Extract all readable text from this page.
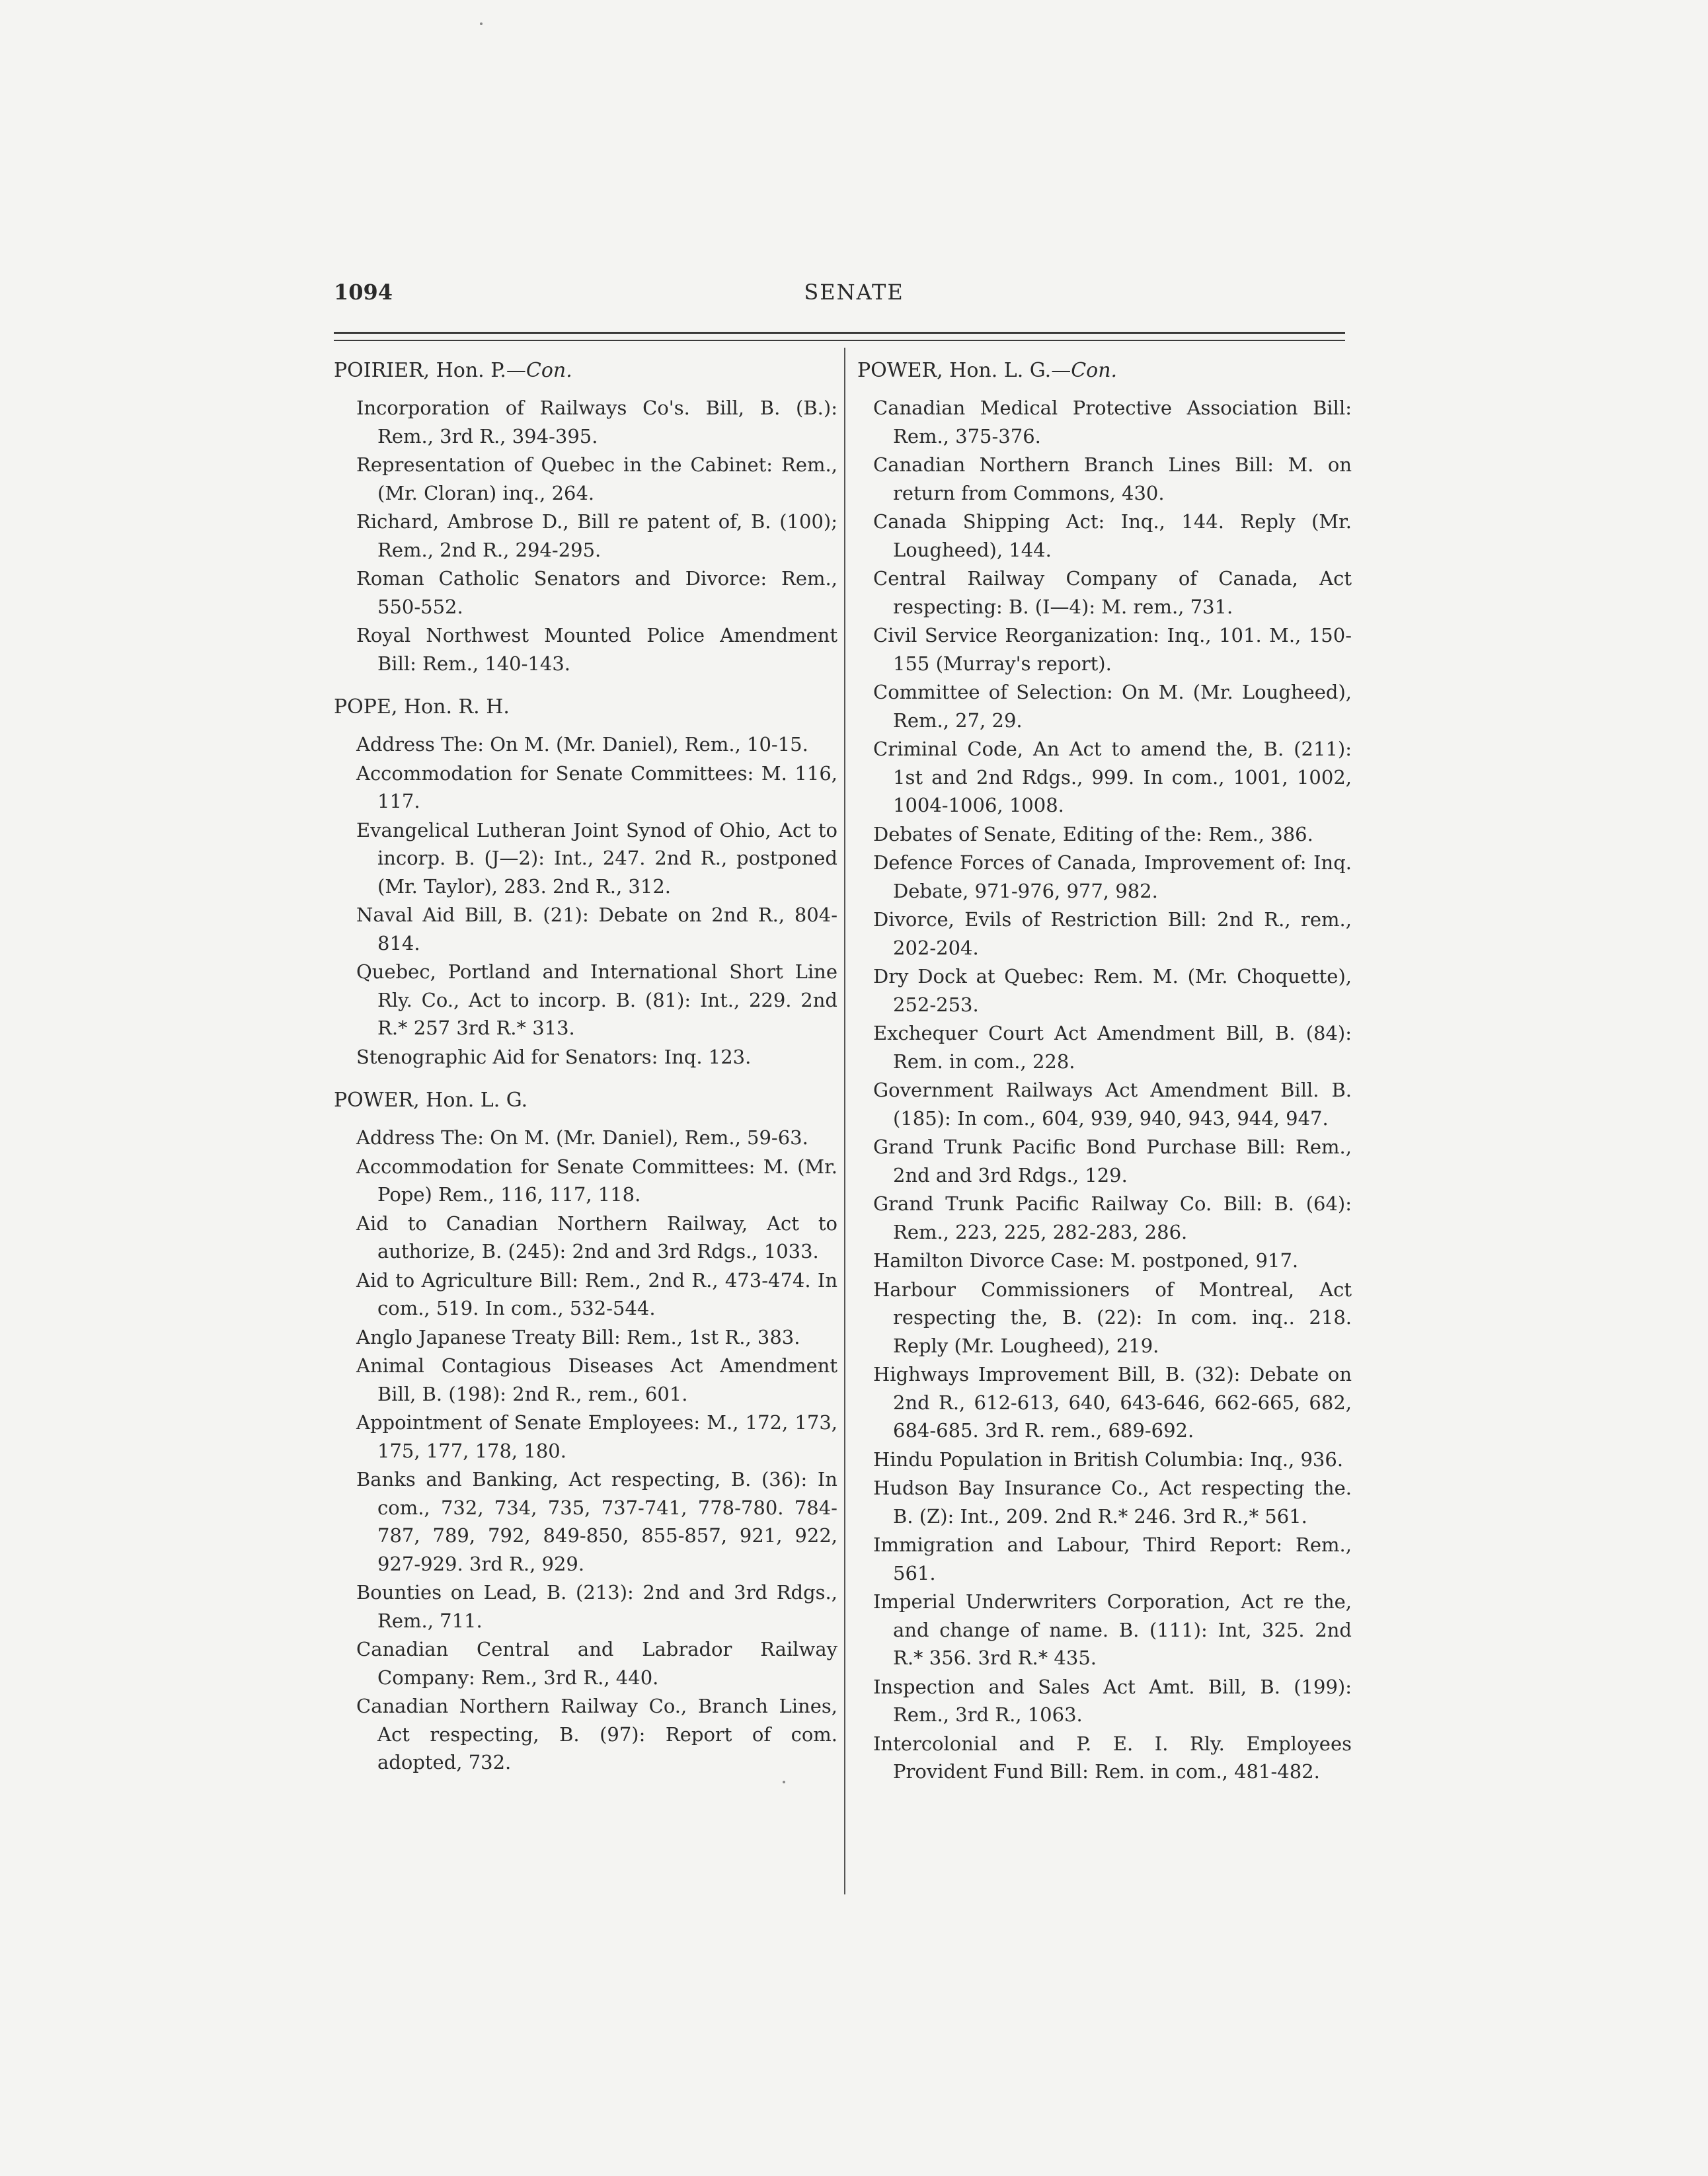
1094	SENATE
POIRIER, Hon. P.—Con.
Incorporation of Railways Co's. Bill, B. (B.): Rem., 3rd R., 394-395.
Representation of Quebec in the Cabinet: Rem., (Mr. Cloran) inq., 264.
Richard, Ambrose D., Bill re patent of, B. (100); Rem., 2nd R., 294-295.
Roman Catholic Senators and Divorce: Rem., 550-552.
Royal Northwest Mounted Police Amendment Bill: Rem., 140-143.
POPE, Hon. R. H.
Address The: On M. (Mr. Daniel), Rem., 10-15.
Accommodation for Senate Committees: M. 116, 117.
Evangelical Lutheran Joint Synod of Ohio, Act to incorp. B. (J—2): Int., 247. 2nd R., postponed (Mr. Taylor), 283. 2nd R., 312.
Naval Aid Bill, B. (21): Debate on 2nd R., 804-814.
Quebec, Portland and International Short Line Rly. Co., Act to incorp. B. (81): Int., 229. 2nd R.* 257 3rd R.* 313.
Stenographic Aid for Senators: Inq. 123.
POWER, Hon. L. G.
Address The: On M. (Mr. Daniel), Rem., 59-63.
Accommodation for Senate Committees: M. (Mr. Pope) Rem., 116, 117, 118.
Aid to Canadian Northern Railway, Act to authorize, B. (245): 2nd and 3rd Rdgs., 1033.
Aid to Agriculture Bill: Rem., 2nd R., 473-474. In com., 519. In com., 532-544.
Anglo Japanese Treaty Bill: Rem., 1st R., 383.
Animal Contagious Diseases Act Amendment Bill, B. (198): 2nd R., rem., 601.
Appointment of Senate Employees: M., 172, 173, 175, 177, 178, 180.
Banks and Banking, Act respecting, B. (36): In com., 732, 734, 735, 737-741, 778-780. 784-787, 789, 792, 849-850, 855-857, 921, 922, 927-929. 3rd R., 929.
Bounties on Lead, B. (213): 2nd and 3rd Rdgs., Rem., 711.
Canadian Central and Labrador Railway Company: Rem., 3rd R., 440.
Canadian Northern Railway Co., Branch Lines, Act respecting, B. (97): Report of com. adopted, 732.
POWER, Hon. L. G.—Con.
Canadian Medical Protective Association Bill: Rem., 375-376.
Canadian Northern Branch Lines Bill: M. on return from Commons, 430.
Canada Shipping Act: Inq., 144. Reply (Mr. Lougheed), 144.
Central Railway Company of Canada, Act respecting: B. (I—4): M. rem., 731.
Civil Service Reorganization: Inq., 101. M., 150-155 (Murray's report).
Committee of Selection: On M. (Mr. Lougheed), Rem., 27, 29.
Criminal Code, An Act to amend the, B. (211): 1st and 2nd Rdgs., 999. In com., 1001, 1002, 1004-1006, 1008.
Debates of Senate, Editing of the: Rem., 386.
Defence Forces of Canada, Improvement of: Inq. Debate, 971-976, 977, 982.
Divorce, Evils of Restriction Bill: 2nd R., rem., 202-204.
Dry Dock at Quebec: Rem. M. (Mr. Choquette), 252-253.
Exchequer Court Act Amendment Bill, B. (84): Rem. in com., 228.
Government Railways Act Amendment Bill. B. (185): In com., 604, 939, 940, 943, 944, 947.
Grand Trunk Pacific Bond Purchase Bill: Rem., 2nd and 3rd Rdgs., 129.
Grand Trunk Pacific Railway Co. Bill: B. (64): Rem., 223, 225, 282-283, 286.
Hamilton Divorce Case: M. postponed, 917.
Harbour Commissioners of Montreal, Act respecting the, B. (22): In com. inq.. 218. Reply (Mr. Lougheed), 219.
Highways Improvement Bill, B. (32): Debate on 2nd R., 612-613, 640, 643-646, 662-665, 682, 684-685. 3rd R. rem., 689-692.
Hindu Population in British Columbia: Inq., 936.
Hudson Bay Insurance Co., Act respecting the. B. (Z): Int., 209. 2nd R.* 246. 3rd R.,* 561.
Immigration and Labour, Third Report: Rem., 561.
Imperial Underwriters Corporation, Act re the, and change of name. B. (111): Int, 325. 2nd R.* 356. 3rd R.* 435.
Inspection and Sales Act Amt. Bill, B. (199): Rem., 3rd R., 1063.
Intercolonial and P. E. I. Rly. Employees Provident Fund Bill: Rem. in com., 481-482.
